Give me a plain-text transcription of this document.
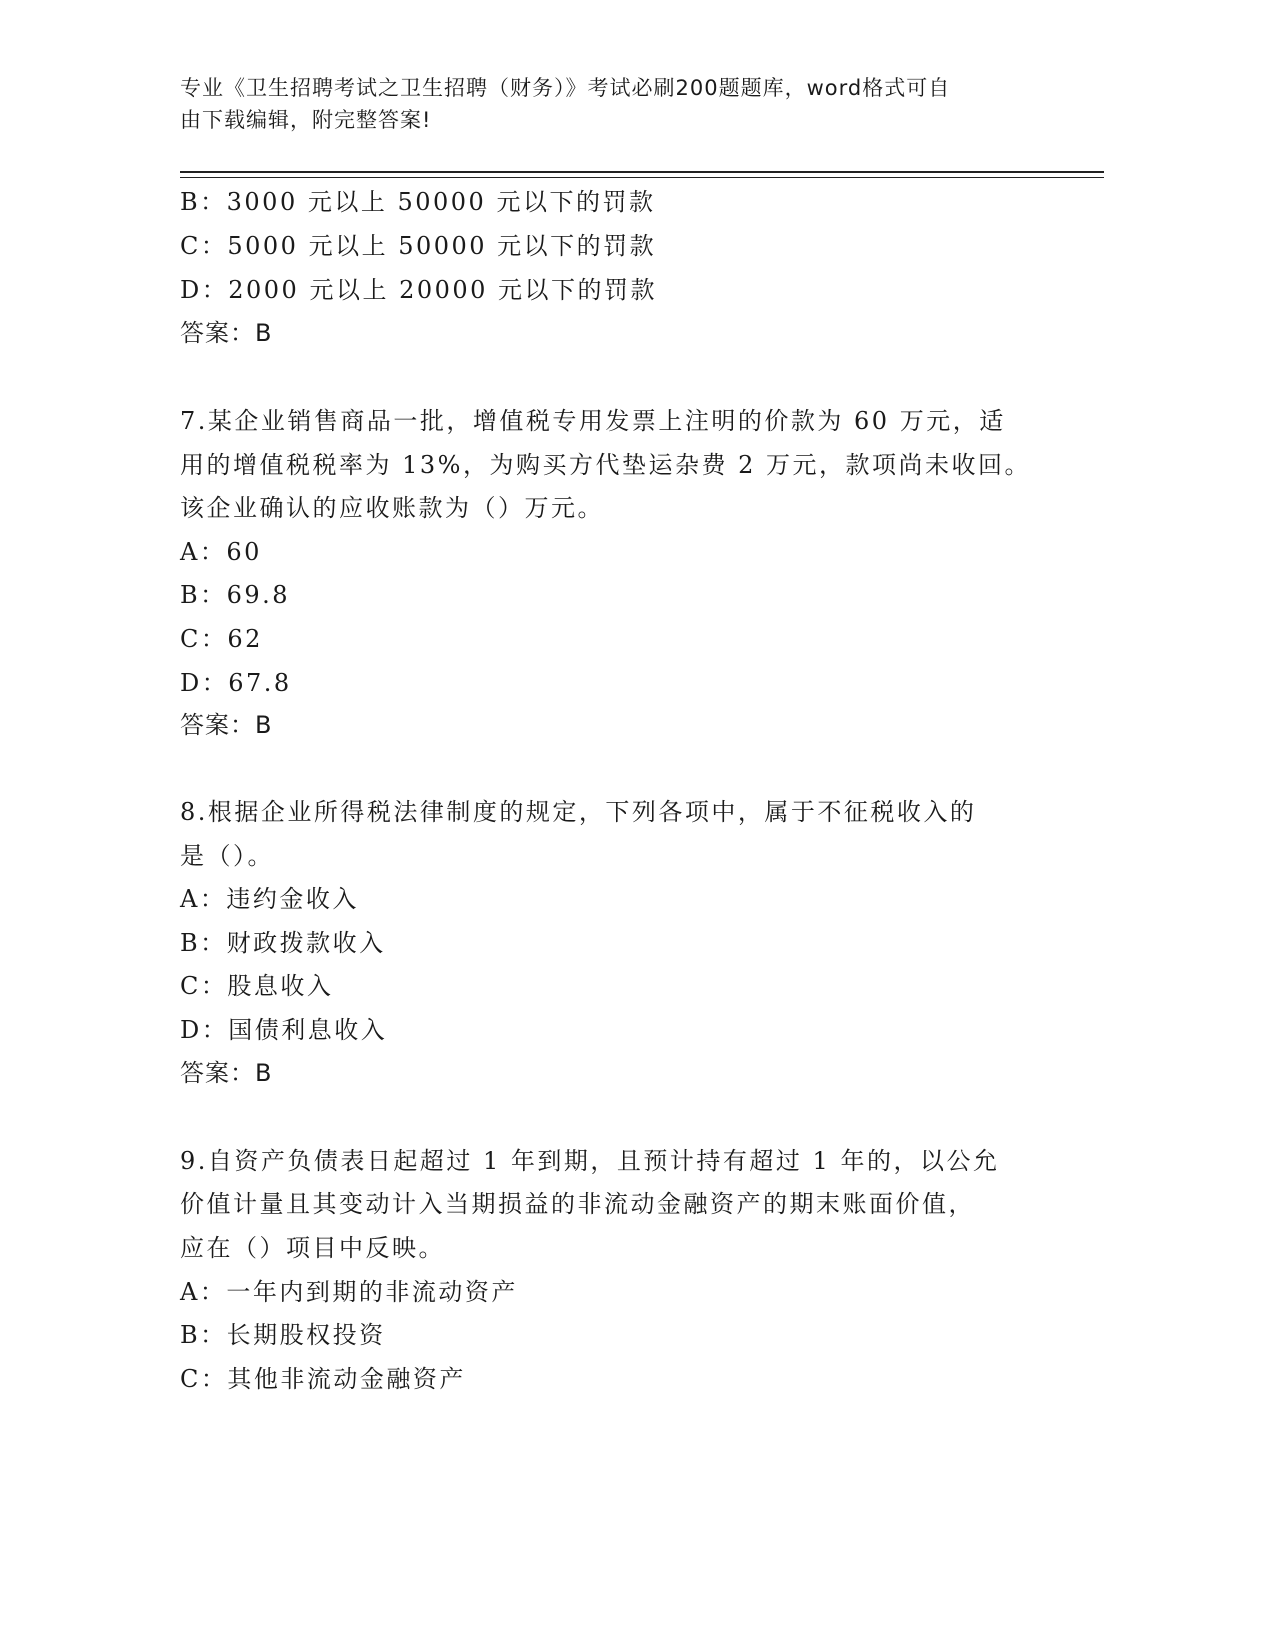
专业《卫生招聘考试之卫生招聘（财务）》考试必刷200题题库，word格式可自
由下载编辑，附完整答案!
B：3000 元以上 50000 元以下的罚款
C：5000 元以上 50000 元以下的罚款
D：2000 元以上 20000 元以下的罚款
答案：B
7.某企业销售商品一批，增值税专用发票上注明的价款为 60 万元，适
用的增值税税率为 13%，为购买方代垫运杂费 2 万元，款项尚未收回。
该企业确认的应收账款为（）万元。
A：60
B：69.8
C：62
D：67.8
答案：B
8.根据企业所得税法律制度的规定，下列各项中，属于不征税收入的
是（）。
A：违约金收入
B：财政拨款收入
C：股息收入
D：国债利息收入
答案：B
9.自资产负债表日起超过 1 年到期，且预计持有超过 1 年的，以公允
价值计量且其变动计入当期损益的非流动金融资产的期末账面价值，
应在（）项目中反映。
A：一年内到期的非流动资产
B：长期股权投资
C：其他非流动金融资产
